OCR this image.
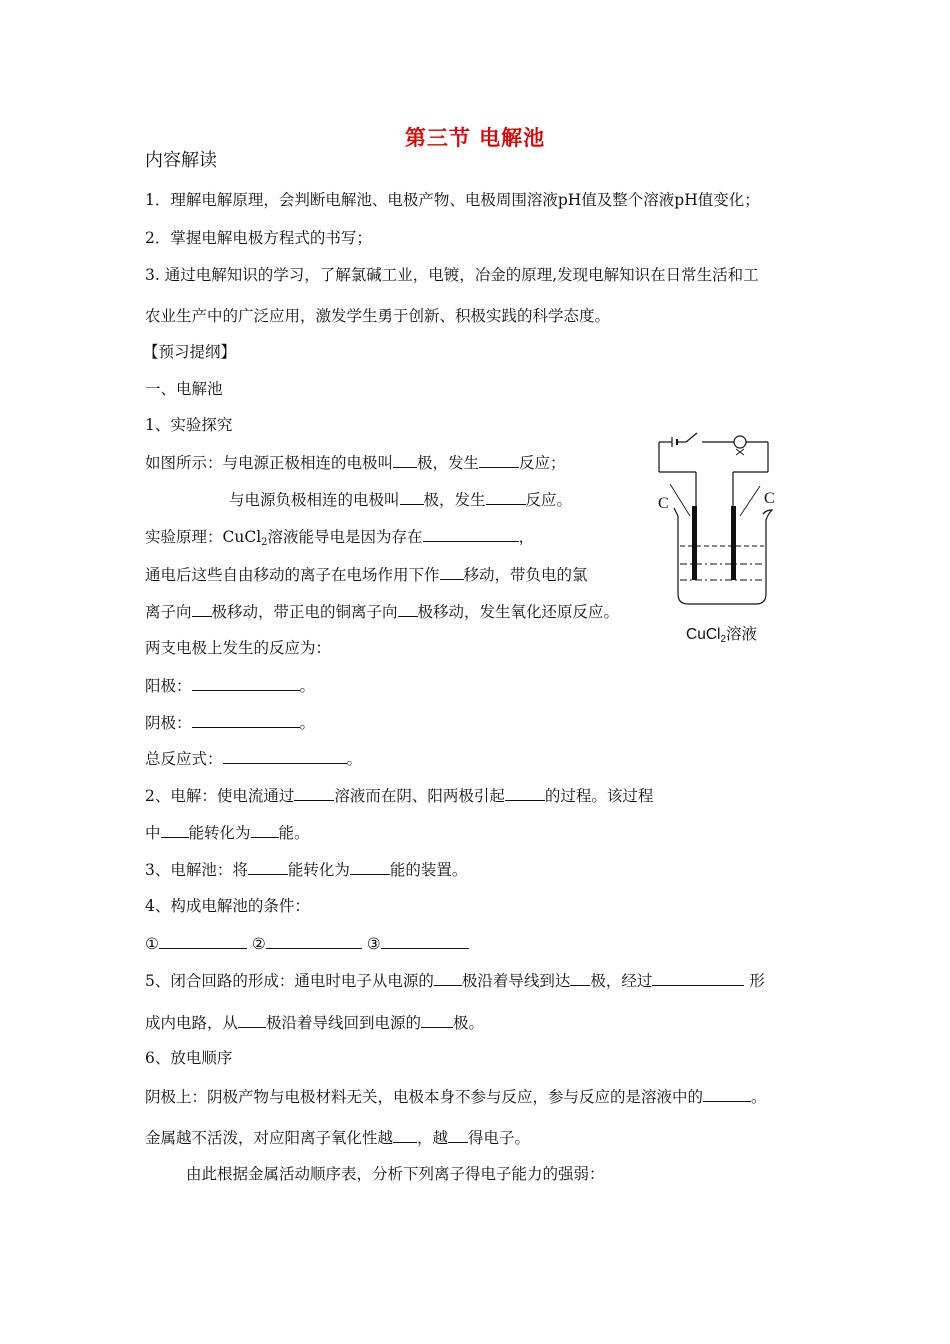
第三节 电解池
内容解读
1．理解电解原理，会判断电解池、电极产物、电极周围溶液pH值及整个溶液pH值变化；
2．掌握电解电极方程式的书写；
3. 通过电解知识的学习，了解氯碱工业，电镀，冶金的原理,发现电解知识在日常生活和工
农业生产中的广泛应用，激发学生勇于创新、积极实践的科学态度。
【预习提纲】
一、电解池
1、实验探究
如图所示：与电源正极相连的电极叫 极，发生	反应；
与电源负极相连的电极叫 极，发生	反应。
实验原理：CuCl$_2$溶液能导电是因为存在	，
通电后这些自由移动的离子在电场作用下作 移动，带负电的氯
离子向 极移动，带正电的铜离子向 极移动，发生氧化还原反应。
两支电极上发生的反应为：
阳极：	。
阴极：	。
总反应式：	。
C	C
CuCl$_2$溶液
2、电解：使电流通过	溶液而在阴、阳两极引起	的过程。该过程
中 能转化为 能。
3、电解池：将	能转化为	能的装置。
4、构成电解池的条件：
①	②	③
5、闭合回路的形成：通电时电子从电源的 极沿着导线到达 极，经过	形
成内电路，从 极沿着导线回到电源的 极。
6、放电顺序
阴极上：阴极产物与电极材料无关，电极本身不参与反应，参与反应的是溶液中的	。
金属越不活泼，对应阳离子氧化性越 ，越 得电子。
由此根据金属活动顺序表，分析下列离子得电子能力的强弱：
